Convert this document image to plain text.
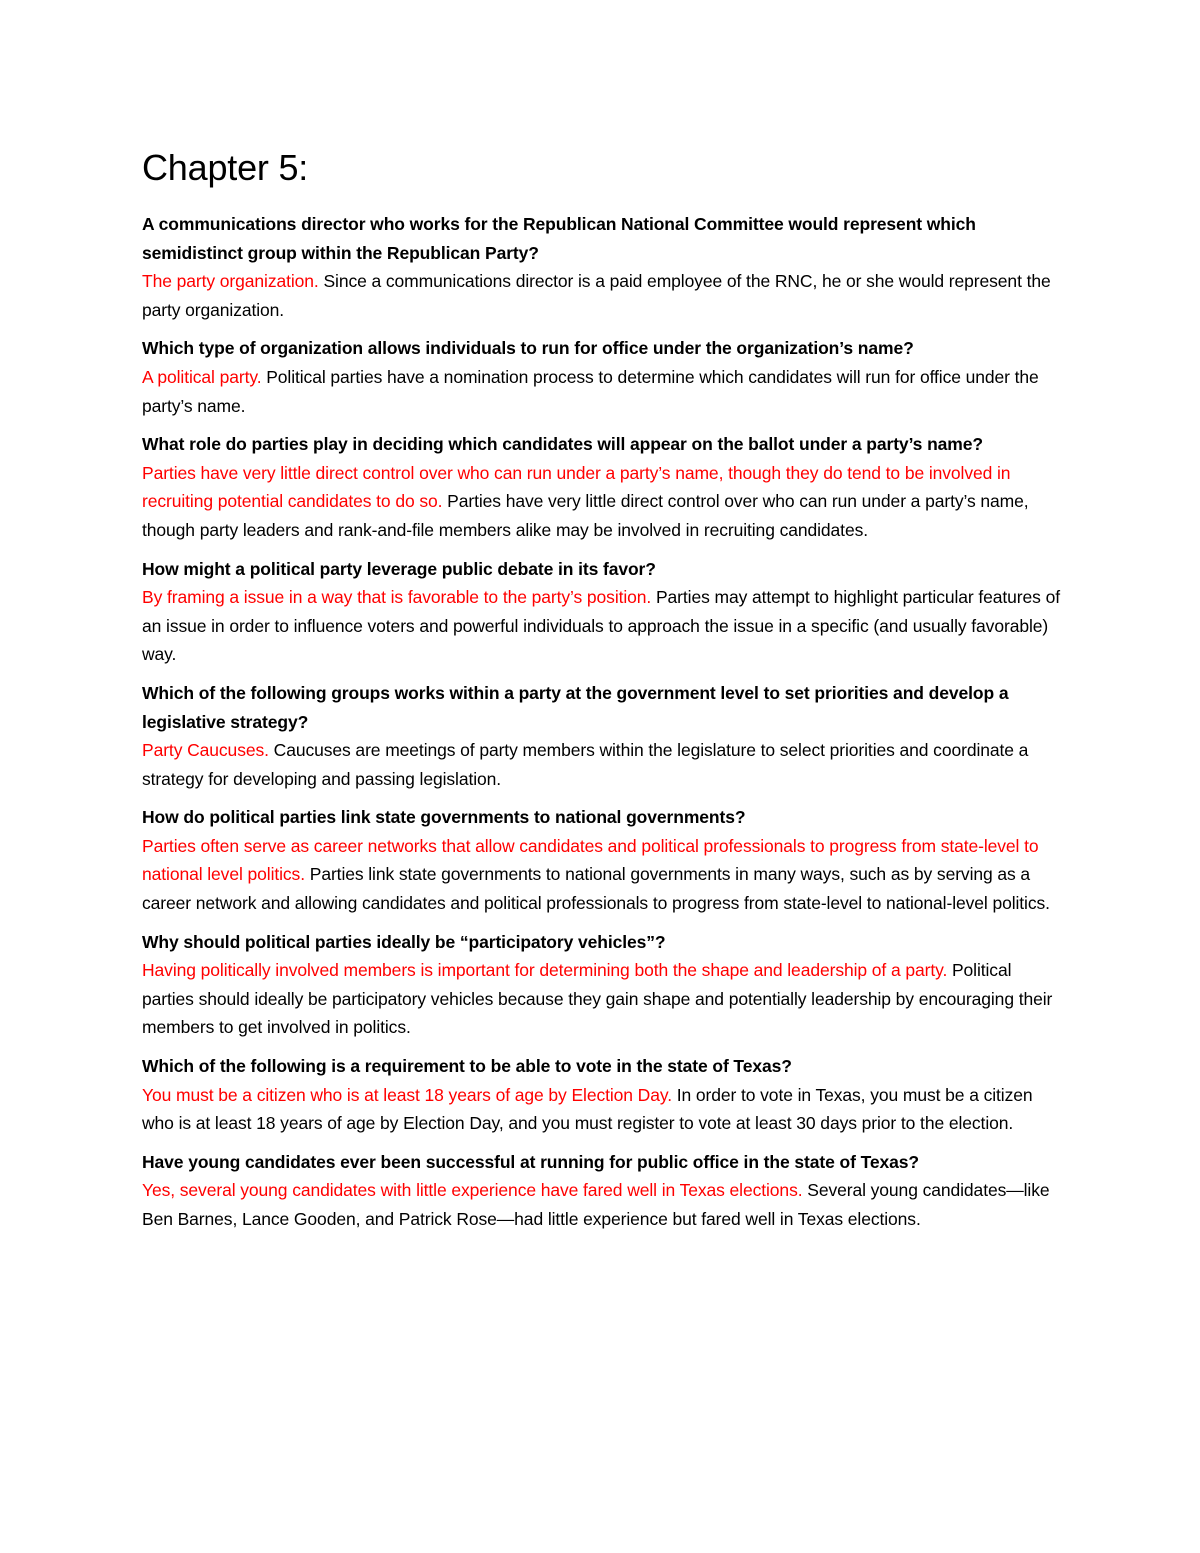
Chapter 5:

A communications director who works for the Republican National Committee would represent which semidistinct group within the Republican Party?

The party organization. Since a communications director is a paid employee of the RNC, he or she would represent the party organization.

Which type of organization allows individuals to run for office under the organization’s name?

A political party. Political parties have a nomination process to determine which candidates will run for office under the party’s name.

What role do parties play in deciding which candidates will appear on the ballot under a party’s name?

Parties have very little direct control over who can run under a party’s name, though they do tend to be involved in recruiting potential candidates to do so. Parties have very little direct control over who can run under a party’s name, though party leaders and rank-and-file members alike may be involved in recruiting candidates.

How might a political party leverage public debate in its favor?

By framing a issue in a way that is favorable to the party’s position. Parties may attempt to highlight particular features of an issue in order to influence voters and powerful individuals to approach the issue in a specific (and usually favorable) way.

Which of the following groups works within a party at the government level to set priorities and develop a legislative strategy?

Party Caucuses. Caucuses are meetings of party members within the legislature to select priorities and coordinate a strategy for developing and passing legislation.

How do political parties link state governments to national governments?

Parties often serve as career networks that allow candidates and political professionals to progress from state-level to national level politics. Parties link state governments to national governments in many ways, such as by serving as a career network and allowing candidates and political professionals to progress from state-level to national-level politics.

Why should political parties ideally be “participatory vehicles”?

Having politically involved members is important for determining both the shape and leadership of a party. Political parties should ideally be participatory vehicles because they gain shape and potentially leadership by encouraging their members to get involved in politics.

Which of the following is a requirement to be able to vote in the state of Texas?

You must be a citizen who is at least 18 years of age by Election Day. In order to vote in Texas, you must be a citizen who is at least 18 years of age by Election Day, and you must register to vote at least 30 days prior to the election.

Have young candidates ever been successful at running for public office in the state of Texas?

Yes, several young candidates with little experience have fared well in Texas elections. Several young candidates—like Ben Barnes, Lance Gooden, and Patrick Rose—had little experience but fared well in Texas elections.
